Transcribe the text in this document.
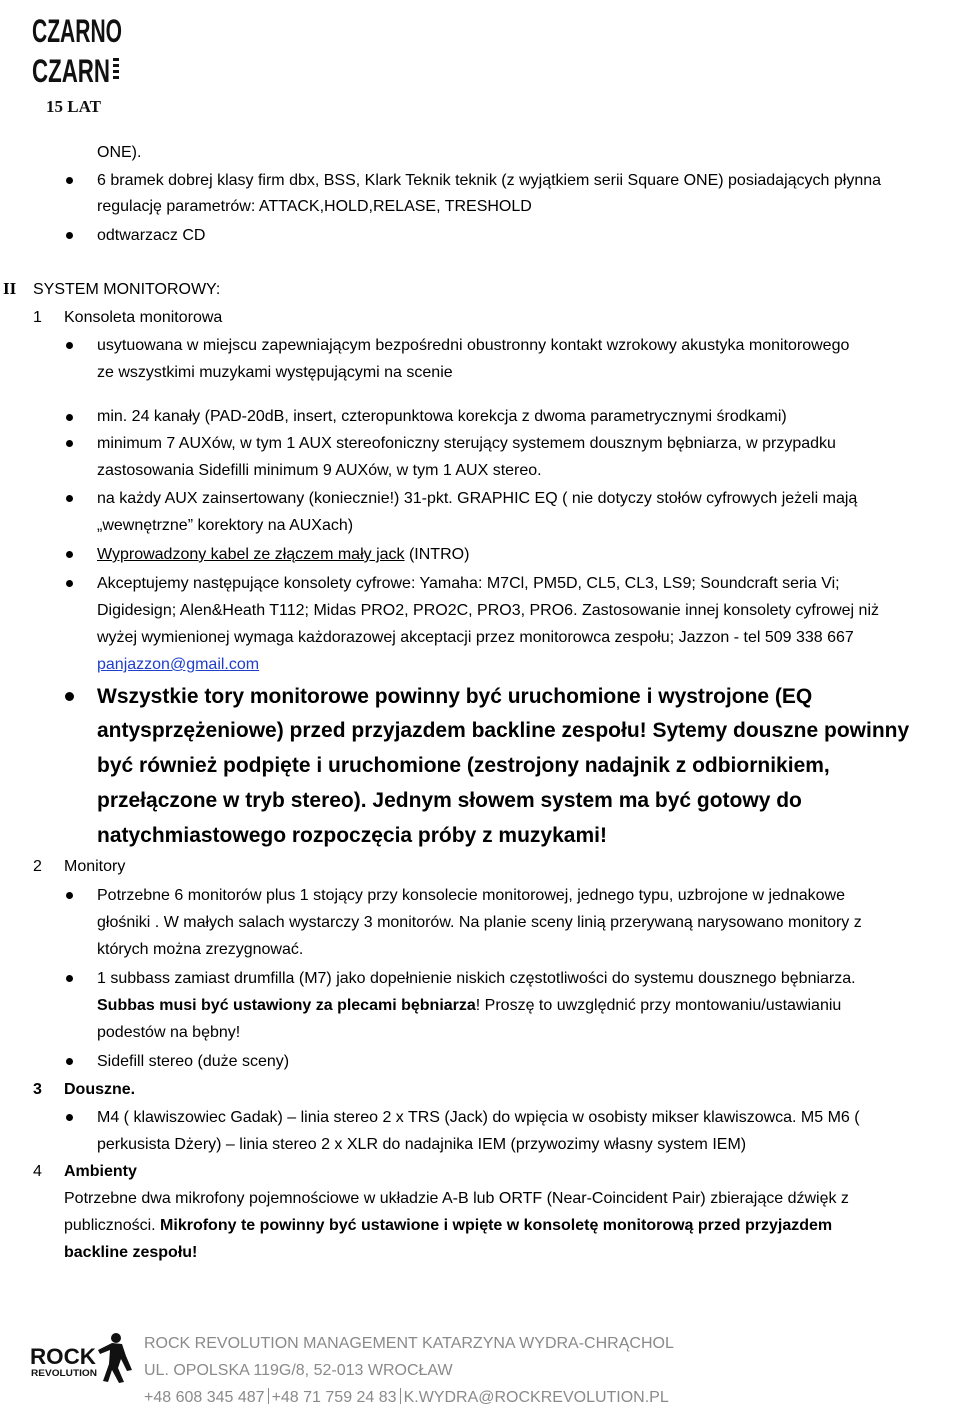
CZARNO
CZARN
15 LAT
ONE).
6 bramek dobrej klasy firm dbx, BSS, Klark Teknik teknik (z wyjątkiem serii Square ONE) posiadających płynna
regulację parametrów: ATTACK,HOLD,RELASE, TRESHOLD
odtwarzacz CD
II SYSTEM MONITOROWY:
1 Konsoleta monitorowa
usytuowana w miejscu zapewniającym bezpośredni obustronny kontakt wzrokowy akustyka monitorowego
ze wszystkimi muzykami występującymi na scenie
min. 24 kanały (PAD-20dB, insert, czteropunktowa korekcja z dwoma parametrycznymi środkami)
minimum 7 AUXów, w tym 1 AUX stereofoniczny sterujący systemem dousznym bębniarza, w przypadku
zastosowania Sidefilli minimum 9 AUXów, w tym 1 AUX stereo.
na każdy AUX zainsertowany (koniecznie!) 31-pkt. GRAPHIC EQ ( nie dotyczy stołów cyfrowych jeżeli mają
„wewnętrzne” korektory na AUXach)
Wyprowadzony kabel ze złączem mały jack (INTRO)
Akceptujemy następujące konsolety cyfrowe: Yamaha: M7Cl, PM5D, CL5, CL3, LS9; Soundcraft seria Vi;
Digidesign; Alen&Heath T112; Midas PRO2, PRO2C, PRO3, PRO6. Zastosowanie innej konsolety cyfrowej niż
wyżej wymienionej wymaga każdorazowej akceptacji przez monitorowca zespołu; Jazzon - tel 509 338 667
panjazzon@gmail.com
Wszystkie tory monitorowe powinny być uruchomione i wystrojone (EQ
antysprzężeniowe) przed przyjazdem backline zespołu! Sytemy douszne powinny
być również podpięte i uruchomione (zestrojony nadajnik z odbiornikiem,
przełączone w tryb stereo). Jednym słowem system ma być gotowy do
natychmiastowego rozpoczęcia próby z muzykami!
2 Monitory
Potrzebne 6 monitorów plus 1 stojący przy konsolecie monitorowej, jednego typu, uzbrojone w jednakowe
głośniki . W małych salach wystarczy 3 monitorów. Na planie sceny linią przerywaną narysowano monitory z
których można zrezygnować.
1 subbass zamiast drumfilla (M7) jako dopełnienie niskich częstotliwości do systemu dousznego bębniarza.
Subbas musi być ustawiony za plecami bębniarza! Proszę to uwzględnić przy montowaniu/ustawianiu
podestów na bębny!
Sidefill stereo (duże sceny)
3 Douszne.
M4 ( klawiszowiec Gadak) – linia stereo 2 x TRS (Jack) do wpięcia w osobisty mikser klawiszowca. M5 M6 (
perkusista Dżery) – linia stereo 2 x XLR do nadajnika IEM (przywozimy własny system IEM)
4 Ambienty
Potrzebne dwa mikrofony pojemnościowe w układzie A-B lub ORTF (Near-Coincident Pair) zbierające dźwięk z
publiczności. Mikrofony te powinny być ustawione i wpięte w konsoletę monitorową przed przyjazdem
backline zespołu!
ROCK
REVOLUTION
ROCK REVOLUTION MANAGEMENT KATARZYNA WYDRA-CHRĄCHOL
UL. OPOLSKA 119G/8, 52-013 WROCŁAW
+48 608 345 487 +48 71 759 24 83 K.WYDRA@ROCKREVOLUTION.PL
